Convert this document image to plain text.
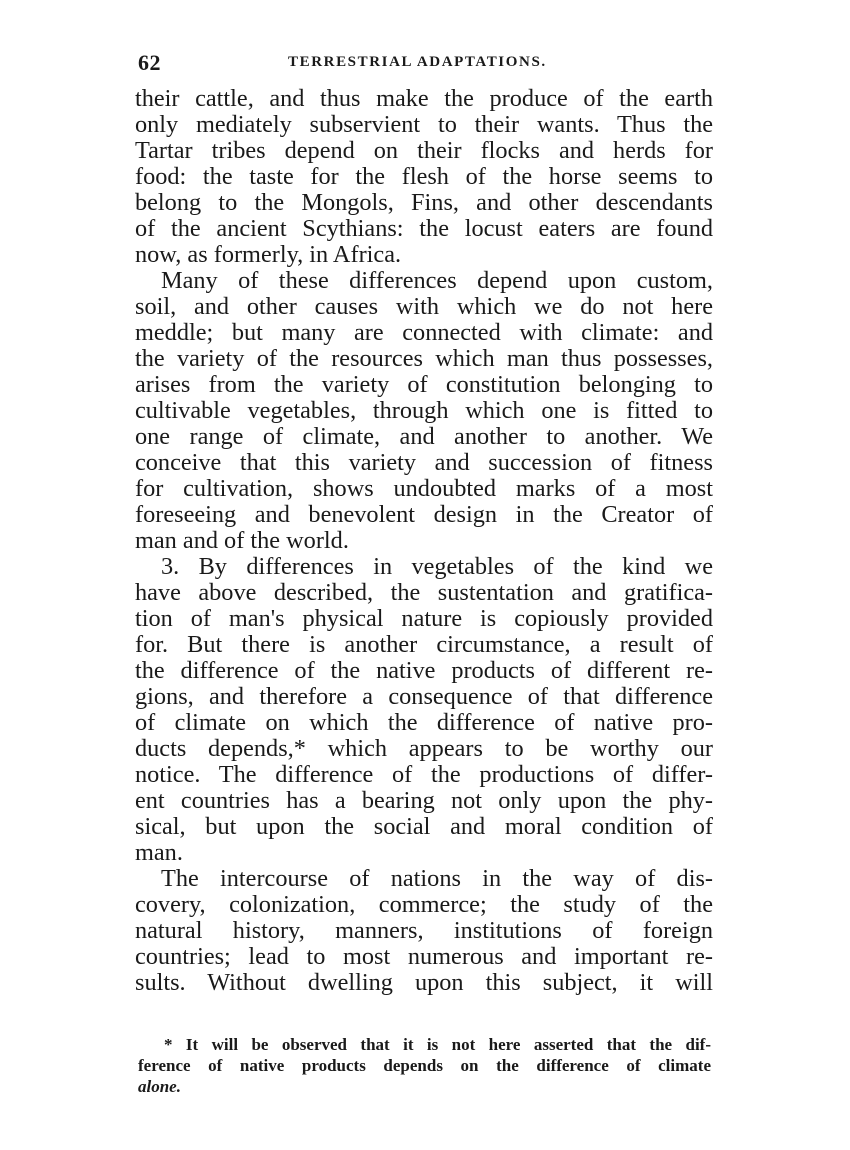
62	TERRESTRIAL ADAPTATIONS.
their cattle, and thus make the produce of the earth
only mediately subservient to their wants. Thus the
Tartar tribes depend on their flocks and herds for
food: the taste for the flesh of the horse seems to
belong to the Mongols, Fins, and other descendants
of the ancient Scythians: the locust eaters are found
now, as formerly, in Africa.
Many of these differences depend upon custom,
soil, and other causes with which we do not here
meddle; but many are connected with climate: and
the variety of the resources which man thus possesses,
arises from the variety of constitution belonging to
cultivable vegetables, through which one is fitted to
one range of climate, and another to another. We
conceive that this variety and succession of fitness
for cultivation, shows undoubted marks of a most
foreseeing and benevolent design in the Creator of
man and of the world.
3. By differences in vegetables of the kind we
have above described, the sustentation and gratifica-
tion of man's physical nature is copiously provided
for. But there is another circumstance, a result of
the difference of the native products of different re-
gions, and therefore a consequence of that difference
of climate on which the difference of native pro-
ducts depends,* which appears to be worthy our
notice. The difference of the productions of differ-
ent countries has a bearing not only upon the phy-
sical, but upon the social and moral condition of
man.
The intercourse of nations in the way of dis-
covery, colonization, commerce; the study of the
natural history, manners, institutions of foreign
countries; lead to most numerous and important re-
sults. Without dwelling upon this subject, it will
* It will be observed that it is not here asserted that the dif-
ference of native products depends on the difference of climate
alone.
